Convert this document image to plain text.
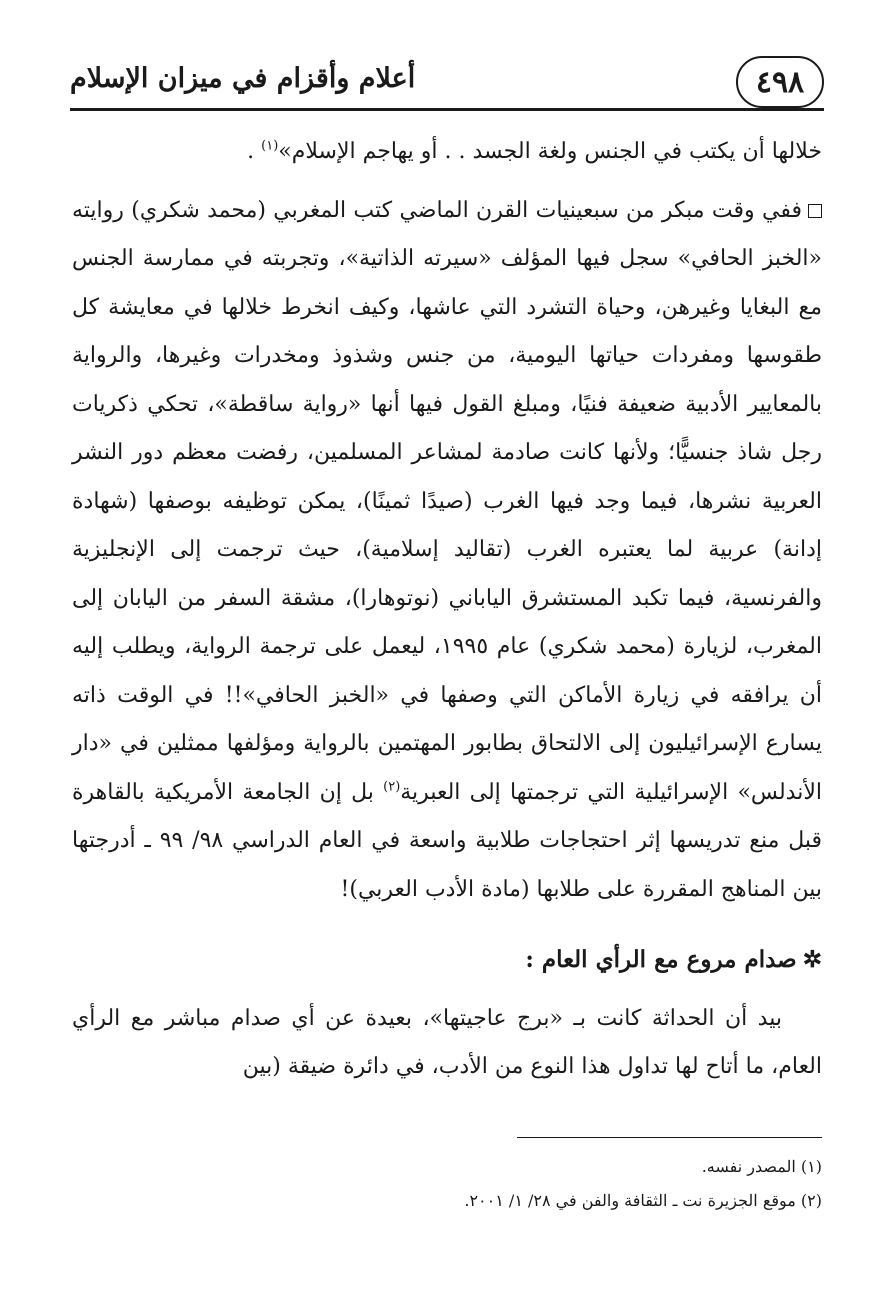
٤٩٨
أعلام وأقزام في ميزان الإسلام

خلالها أن يكتب في الجنس ولغة الجسد . . أو يهاجم الإسلام»$^{(١)}$ .

ففي وقت مبكر من سبعينيات القرن الماضي كتب المغربي (محمد شكري) روايته «الخبز الحافي» سجل فيها المؤلف «سيرته الذاتية»، وتجربته في ممارسة الجنس مع البغايا وغيرهن، وحياة التشرد التي عاشها، وكيف انخرط خلالها في معايشة كل طقوسها ومفردات حياتها اليومية، من جنس وشذوذ ومخدرات وغيرها، والرواية بالمعايير الأدبية ضعيفة فنيًا، ومبلغ القول فيها أنها «رواية ساقطة»، تحكي ذكريات رجل شاذ جنسيًّا؛ ولأنها كانت صادمة لمشاعر المسلمين، رفضت معظم دور النشر العربية نشرها، فيما وجد فيها الغرب (صيدًا ثمينًا)، يمكن توظيفه بوصفها (شهادة إدانة) عربية لما يعتبره الغرب (تقاليد إسلامية)، حيث ترجمت إلى الإنجليزية والفرنسية، فيما تكبد المستشرق الياباني (نوتوهارا)، مشقة السفر من اليابان إلى المغرب، لزيارة (محمد شكري) عام ١٩٩٥، ليعمل على ترجمة الرواية، ويطلب إليه أن يرافقه في زيارة الأماكن التي وصفها في «الخبز الحافي»!! في الوقت ذاته يسارع الإسرائيليون إلى الالتحاق بطابور المهتمين بالرواية ومؤلفها ممثلين في «دار الأندلس» الإسرائيلية التي ترجمتها إلى العبرية$^{(٢)}$ بل إن الجامعة الأمريكية بالقاهرة قبل منع تدريسها إثر احتجاجات طلابية واسعة في العام الدراسي ٩٨/ ٩٩ ـ أدرجتها بين المناهج المقررة على طلابها (مادة الأدب العربي)!

✲صدام مروع مع الرأي العام :

بيد أن الحداثة كانت بـ «برج عاجيتها»، بعيدة عن أي صدام مباشر مع الرأي العام، ما أتاح لها تداول هذا النوع من الأدب، في دائرة ضيقة (بين

(١) المصدر نفسه.

(٢) موقع الجزيرة نت ـ الثقافة والفن في ٢٨/ ١/ ٢٠٠١.
